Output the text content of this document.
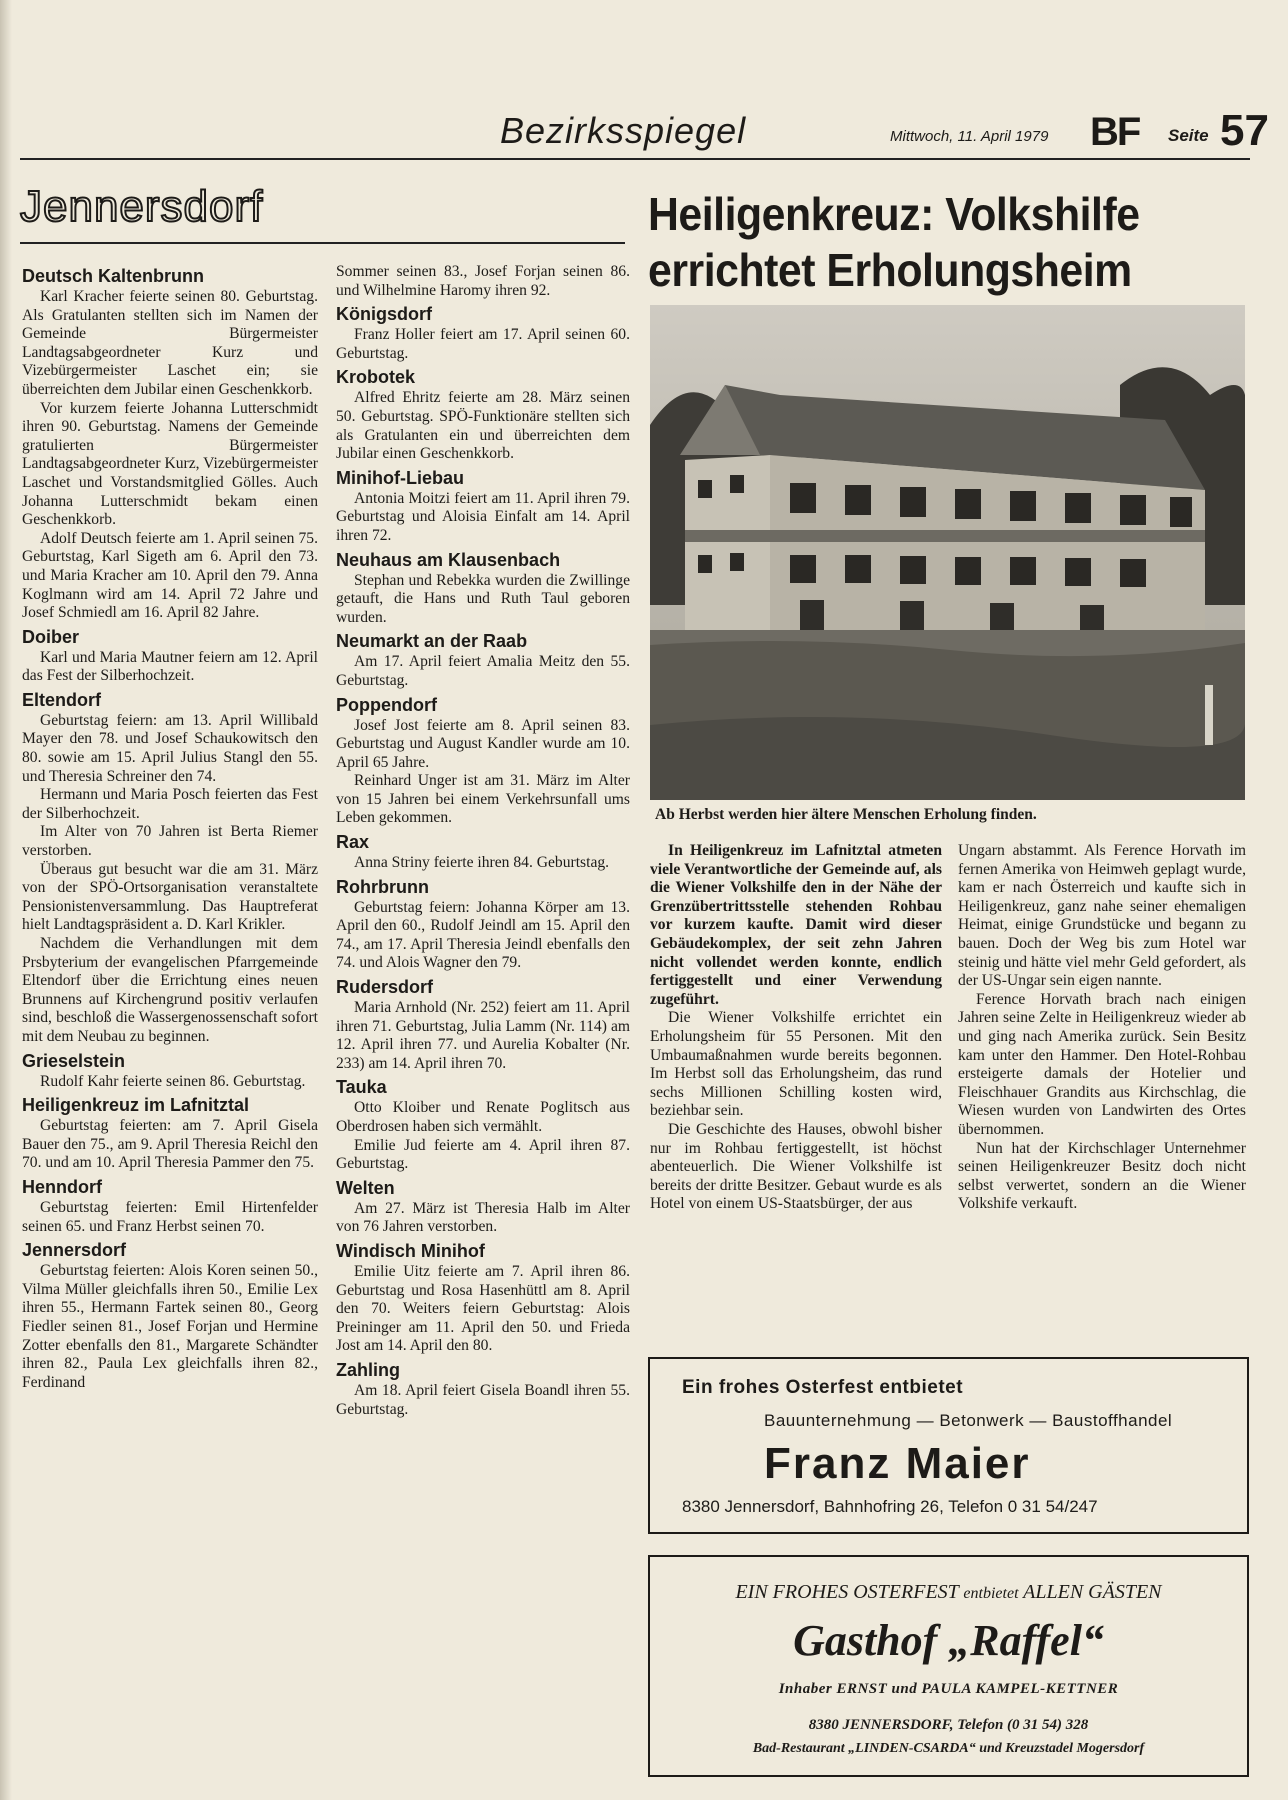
Bezirksspiegel	Mittwoch, 11. April 1979 BF Seite 57
Jennersdorf
Deutsch Kaltenbrunn

Karl Kracher feierte seinen 80. Geburtstag. Als Gratulanten stellten sich im Namen der Gemeinde Bürgermeister Landtagsabgeordneter Kurz und Vizebürgermeister Laschet ein; sie überreichten dem Jubilar einen Geschenkkorb.

Vor kurzem feierte Johanna Lutterschmidt ihren 90. Geburtstag. Namens der Gemeinde gratulierten Bürgermeister Landtagsabgeordneter Kurz, Vizebürgermeister Laschet und Vorstandsmitglied Gölles. Auch Johanna Lutterschmidt bekam einen Geschenkkorb.

Adolf Deutsch feierte am 1. April seinen 75. Geburtstag, Karl Sigeth am 6. April den 73. und Maria Kracher am 10. April den 79. Anna Koglmann wird am 14. April 72 Jahre und Josef Schmiedl am 16. April 82 Jahre.

Doiber

Karl und Maria Mautner feiern am 12. April das Fest der Silberhochzeit.

Eltendorf

Geburtstag feiern: am 13. April Willibald Mayer den 78. und Josef Schaukowitsch den 80. sowie am 15. April Julius Stangl den 55. und Theresia Schreiner den 74.

Hermann und Maria Posch feierten das Fest der Silberhochzeit.

Im Alter von 70 Jahren ist Berta Riemer verstorben.

Überaus gut besucht war die am 31. März von der SPÖ-Ortsorganisation veranstaltete Pensionistenversammlung. Das Hauptreferat hielt Landtagspräsident a. D. Karl Krikler.

Nachdem die Verhandlungen mit dem Prsbyterium der evangelischen Pfarrgemeinde Eltendorf über die Errichtung eines neuen Brunnens auf Kirchengrund positiv verlaufen sind, beschloß die Wassergenossenschaft sofort mit dem Neubau zu beginnen.

Grieselstein

Rudolf Kahr feierte seinen 86. Geburtstag.

Heiligenkreuz im Lafnitztal

Geburtstag feierten: am 7. April Gisela Bauer den 75., am 9. April Theresia Reichl den 70. und am 10. April Theresia Pammer den 75.

Henndorf

Geburtstag feierten: Emil Hirtenfelder seinen 65. und Franz Herbst seinen 70.

Jennersdorf

Geburtstag feierten: Alois Koren seinen 50., Vilma Müller gleichfalls ihren 50., Emilie Lex ihren 55., Hermann Fartek seinen 80., Georg Fiedler seinen 81., Josef Forjan und Hermine Zotter ebenfalls den 81., Margarete Schändter ihren 82., Paula Lex gleichfalls ihren 82., Ferdinand

Sommer seinen 83., Josef Forjan seinen 86. und Wilhelmine Haromy ihren 92.

Königsdorf

Franz Holler feiert am 17. April seinen 60. Geburtstag.

Krobotek

Alfred Ehritz feierte am 28. März seinen 50. Geburtstag. SPÖ-Funktionäre stellten sich als Gratulanten ein und überreichten dem Jubilar einen Geschenkkorb.

Minihof-Liebau

Antonia Moitzi feiert am 11. April ihren 79. Geburtstag und Aloisia Einfalt am 14. April ihren 72.

Neuhaus am Klausenbach

Stephan und Rebekka wurden die Zwillinge getauft, die Hans und Ruth Taul geboren wurden.

Neumarkt an der Raab

Am 17. April feiert Amalia Meitz den 55. Geburtstag.

Poppendorf

Josef Jost feierte am 8. April seinen 83. Geburtstag und August Kandler wurde am 10. April 65 Jahre.

Reinhard Unger ist am 31. März im Alter von 15 Jahren bei einem Verkehrsunfall ums Leben gekommen.

Rax

Anna Striny feierte ihren 84. Geburtstag.

Rohrbrunn

Geburtstag feiern: Johanna Körper am 13. April den 60., Rudolf Jeindl am 15. April den 74., am 17. April Theresia Jeindl ebenfalls den 74. und Alois Wagner den 79.

Rudersdorf

Maria Arnhold (Nr. 252) feiert am 11. April ihren 71. Geburtstag, Julia Lamm (Nr. 114) am 12. April ihren 77. und Aurelia Kobalter (Nr. 233) am 14. April ihren 70.

Tauka

Otto Kloiber und Renate Poglitsch aus Oberdrosen haben sich vermählt.

Emilie Jud feierte am 4. April ihren 87. Geburtstag.

Welten

Am 27. März ist Theresia Halb im Alter von 76 Jahren verstorben.

Windisch Minihof

Emilie Uitz feierte am 7. April ihren 86. Geburtstag und Rosa Hasenhüttl am 8. April den 70. Weiters feiern Geburtstag: Alois Preininger am 11. April den 50. und Frieda Jost am 14. April den 80.

Zahling

Am 18. April feiert Gisela Boandl ihren 55. Geburtstag.

Heiligenkreuz: Volkshilfe
errichtet Erholungsheim
Ab Herbst werden hier ältere Menschen Erholung finden.

In Heiligenkreuz im Lafnitztal atmeten viele Verantwortliche der Gemeinde auf, als die Wiener Volkshilfe den in der Nähe der Grenzübertrittsstelle stehenden Rohbau vor kurzem kaufte. Damit wird dieser Gebäudekomplex, der seit zehn Jahren nicht vollendet werden konnte, endlich fertiggestellt und einer Verwendung zugeführt.

Die Wiener Volkshilfe errichtet ein Erholungsheim für 55 Personen. Mit den Umbaumaßnahmen wurde bereits begonnen. Im Herbst soll das Erholungsheim, das rund sechs Millionen Schilling kosten wird, beziehbar sein.

Die Geschichte des Hauses, obwohl bisher nur im Rohbau fertiggestellt, ist höchst abenteuerlich. Die Wiener Volkshilfe ist bereits der dritte Besitzer. Gebaut wurde es als Hotel von einem US-Staatsbürger, der aus

Ungarn abstammt. Als Ference Horvath im fernen Amerika von Heimweh geplagt wurde, kam er nach Österreich und kaufte sich in Heiligenkreuz, ganz nahe seiner ehemaligen Heimat, einige Grundstücke und begann zu bauen. Doch der Weg bis zum Hotel war steinig und hätte viel mehr Geld gefordert, als der US-Ungar sein eigen nannte.

Ference Horvath brach nach einigen Jahren seine Zelte in Heiligenkreuz wieder ab und ging nach Amerika zurück. Sein Besitz kam unter den Hammer. Den Hotel-Rohbau ersteigerte damals der Hotelier und Fleischhauer Grandits aus Kirchschlag, die Wiesen wurden von Landwirten des Ortes übernommen.

Nun hat der Kirchschlager Unternehmer seinen Heiligenkreuzer Besitz doch nicht selbst verwertet, sondern an die Wiener Volkshife verkauft.

Ein frohes Osterfest entbietet
Bauunternehmung — Betonwerk — Baustoffhandel
Franz Maier
8380 Jennersdorf, Bahnhofring 26, Telefon 0 31 54/247
EIN FROHES OSTERFEST entbietet ALLEN GÄSTEN
Gasthof „Raffel“
Inhaber ERNST und PAULA KAMPEL-KETTNER
8380 JENNERSDORF, Telefon (0 31 54) 328
Bad-Restaurant „LINDEN-CSARDA“ und Kreuzstadel Mogersdorf
